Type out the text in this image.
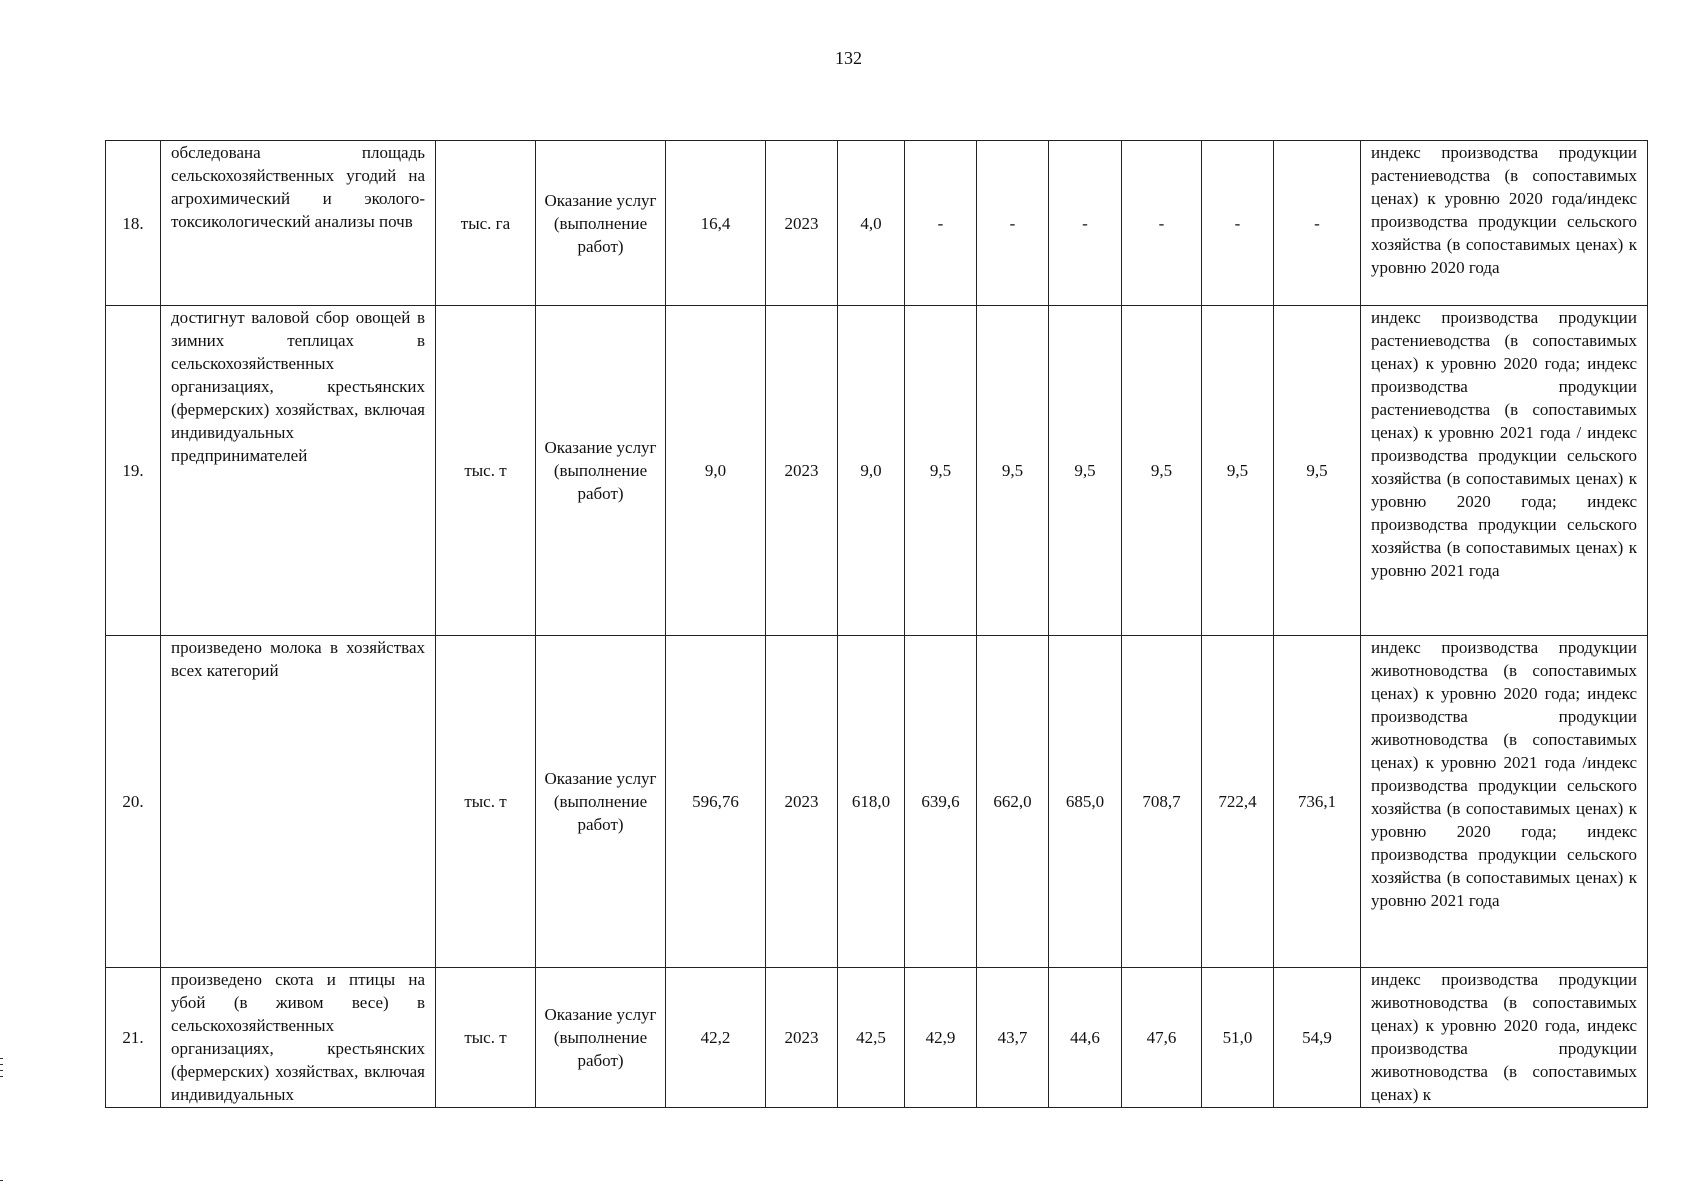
132
18.	обследована площадь сельскохозяйственных угодий на агрохимический и эколого-токсикологический анализы почв	тыс. га	Оказание услуг (выполнение работ)	16,4	2023	4,0	-	-	-	-	-	-	индекс производства продукции растениеводства (в сопоставимых ценах) к уровню 2020 года/индекс производства продукции сельского хозяйства (в сопоставимых ценах) к уровню 2020 года
19.	достигнут валовой сбор овощей в зимних теплицах в сельскохозяйственных организациях, крестьянских (фермерских) хозяйствах, включая индивидуальных предпринимателей	тыс. т	Оказание услуг (выполнение работ)	9,0	2023	9,0	9,5	9,5	9,5	9,5	9,5	9,5	индекс производства продукции растениеводства (в сопоставимых ценах) к уровню 2020 года; индекс производства продукции растениеводства (в сопоставимых ценах) к уровню 2021 года / индекс производства продукции сельского хозяйства (в сопоставимых ценах) к уровню 2020 года; индекс производства продукции сельского хозяйства (в сопоставимых ценах) к уровню 2021 года
20.	произведено молока в хозяйствах всех категорий	тыс. т	Оказание услуг (выполнение работ)	596,76	2023	618,0	639,6	662,0	685,0	708,7	722,4	736,1	индекс производства продукции животноводства (в сопоставимых ценах) к уровню 2020 года; индекс производства продукции животноводства (в сопоставимых ценах) к уровню 2021 года /индекс производства продукции сельского хозяйства (в сопоставимых ценах) к уровню 2020 года; индекс производства продукции сельского хозяйства (в сопоставимых ценах) к уровню 2021 года
21.	произведено скота и птицы на убой (в живом весе) в сельскохозяйственных организациях, крестьянских (фермерских) хозяйствах, включая индивидуальных	тыс. т	Оказание услуг (выполнение работ)	42,2	2023	42,5	42,9	43,7	44,6	47,6	51,0	54,9	индекс производства продукции животноводства (в сопоставимых ценах) к уровню 2020 года, индекс производства продукции животноводства (в сопоставимых ценах) к
